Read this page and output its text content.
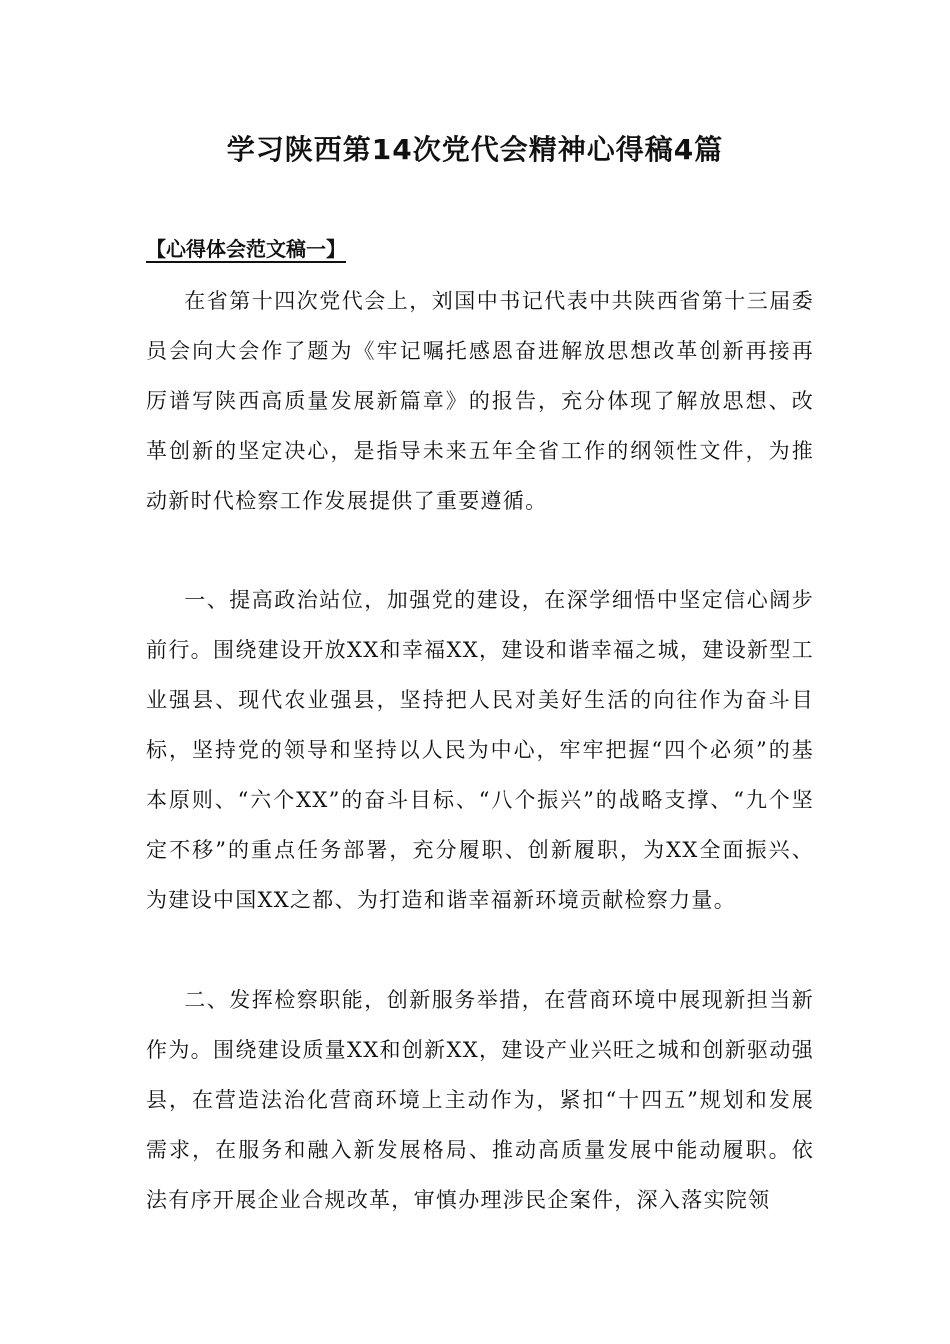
学习陕西第14次党代会精神心得稿4篇
【心得体会范文稿一】
在省第十四次党代会上，刘国中书记代表中共陕西省第十三届委员会向大会作了题为《牢记嘱托感恩奋进解放思想改革创新再接再厉谱写陕西高质量发展新篇章》的报告，充分体现了解放思想、改革创新的坚定决心，是指导未来五年全省工作的纲领性文件，为推动新时代检察工作发展提供了重要遵循。
一、提高政治站位，加强党的建设，在深学细悟中坚定信心阔步前行。围绕建设开放XX和幸福XX，建设和谐幸福之城，建设新型工业强县、现代农业强县，坚持把人民对美好生活的向往作为奋斗目标，坚持党的领导和坚持以人民为中心，牢牢把握“四个必须”的基本原则、“六个XX”的奋斗目标、“八个振兴”的战略支撑、“九个坚定不移”的重点任务部署，充分履职、创新履职，为XX全面振兴、为建设中国XX之都、为打造和谐幸福新环境贡献检察力量。
二、发挥检察职能，创新服务举措，在营商环境中展现新担当新作为。围绕建设质量XX和创新XX，建设产业兴旺之城和创新驱动强县，在营造法治化营商环境上主动作为，紧扣“十四五”规划和发展需求，在服务和融入新发展格局、推动高质量发展中能动履职。依法有序开展企业合规改革，审慎办理涉民企案件，深入落实院领
